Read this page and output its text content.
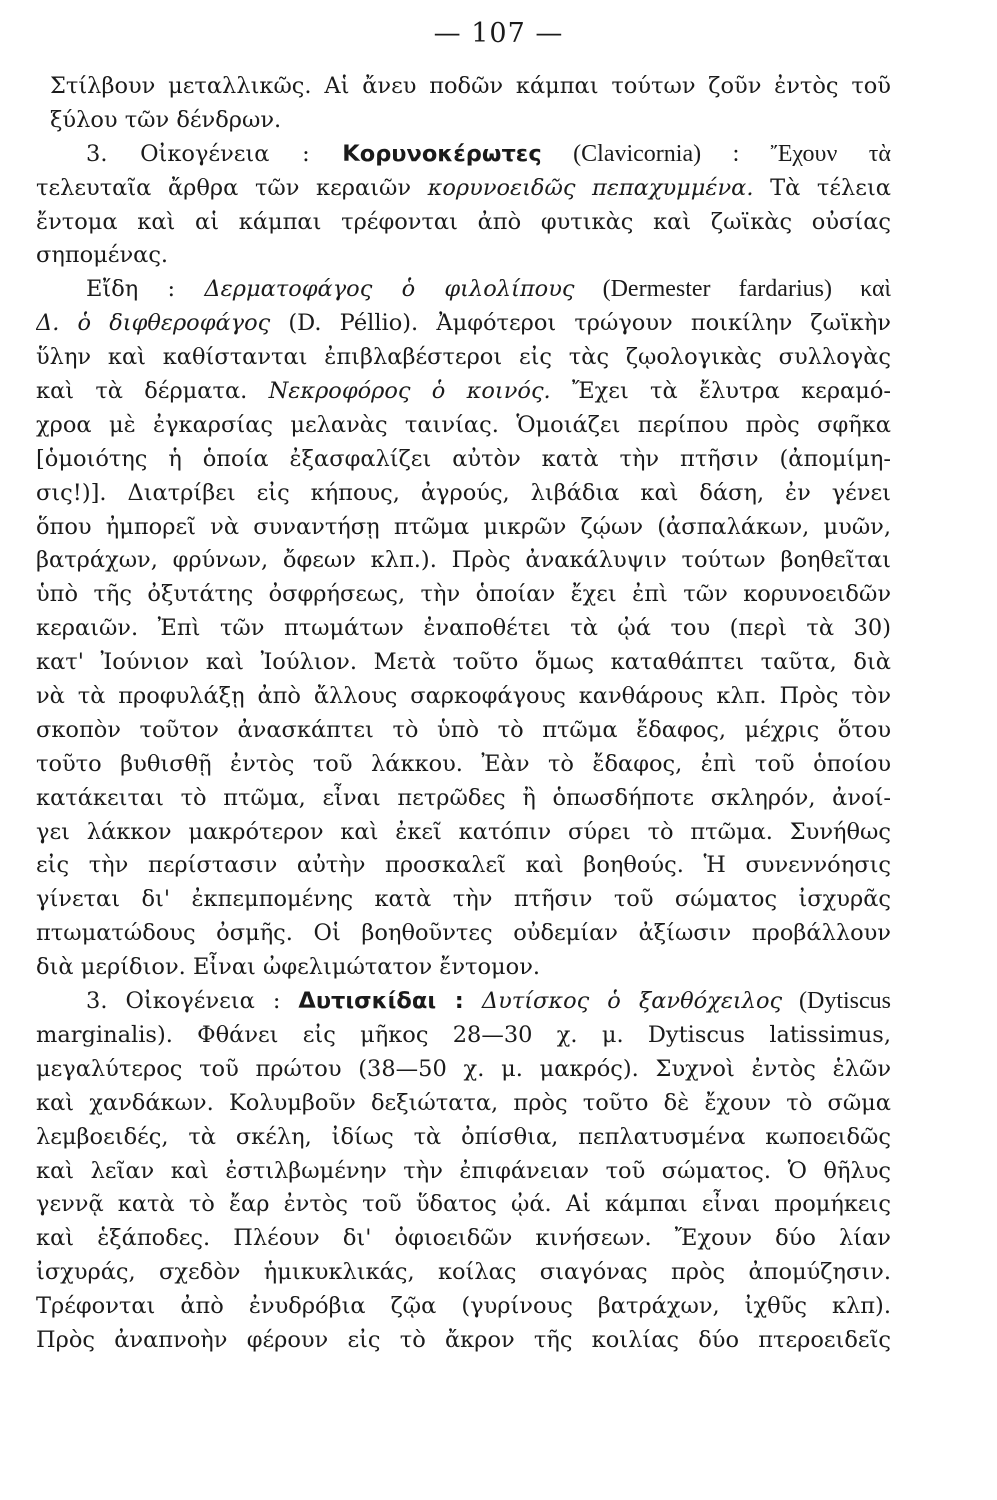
— 107 —
Στίλβουν μεταλλικῶς. Αἱ ἄνευ ποδῶν κάμπαι τούτων ζοῦν ἐντὸς τοῦ
ξύλου τῶν δένδρων.
3. Οἰκογένεια : Κορυνοκέρωτες (Clavicornia) : Ἔχουν τὰ
τελευταῖα ἄρθρα τῶν κεραιῶν κορυνοειδῶς πεπαχυμμένα. Τὰ τέλεια
ἔντομα καὶ αἱ κάμπαι τρέφονται ἀπὸ φυτικὰς καὶ ζωϊκὰς οὐσίας
σηπομένας.
Εἴδη : Δερματοφάγος ὁ φιλολίπους (Dermester fardarius) καὶ
Δ. ὁ διφθεροφάγος (D. Péllio). Ἀμφότεροι τρώγουν ποικίλην ζωϊκὴν
ὕλην καὶ καθίστανται ἐπιβλαβέστεροι εἰς τὰς ζῳολογικὰς συλλογὰς
καὶ τὰ δέρματα. Νεκροφόρος ὁ κοινός. Ἔχει τὰ ἔλυτρα κεραμό-
χροα μὲ ἐγκαρσίας μελανὰς ταινίας. Ὁμοιάζει περίπου πρὸς σφῆκα
[ὁμοιότης ἡ ὁποία ἐξασφαλίζει αὐτὸν κατὰ τὴν πτῆσιν (ἀπομίμη-
σις!)]. Διατρίβει εἰς κήπους, ἀγρούς, λιβάδια καὶ δάση, ἐν γένει
ὅπου ἠμπορεῖ νὰ συναντήσῃ πτῶμα μικρῶν ζῴων (ἀσπαλάκων, μυῶν,
βατράχων, φρύνων, ὄφεων κλπ.). Πρὸς ἀνακάλυψιν τούτων βοηθεῖται
ὑπὸ τῆς ὀξυτάτης ὀσφρήσεως, τὴν ὁποίαν ἔχει ἐπὶ τῶν κορυνοειδῶν
κεραιῶν. Ἐπὶ τῶν πτωμάτων ἐναποθέτει τὰ ᾠά του (περὶ τὰ 30)
κατ' Ἰούνιον καὶ Ἰούλιον. Μετὰ τοῦτο ὅμως καταθάπτει ταῦτα, διὰ
νὰ τὰ προφυλάξῃ ἀπὸ ἄλλους σαρκοφάγους κανθάρους κλπ. Πρὸς τὸν
σκοπὸν τοῦτον ἀνασκάπτει τὸ ὑπὸ τὸ πτῶμα ἔδαφος, μέχρις ὅτου
τοῦτο βυθισθῇ ἐντὸς τοῦ λάκκου. Ἐὰν τὸ ἔδαφος, ἐπὶ τοῦ ὁποίου
κατάκειται τὸ πτῶμα, εἶναι πετρῶδες ἢ ὁπωσδήποτε σκληρόν, ἀνοί-
γει λάκκον μακρότερον καὶ ἐκεῖ κατόπιν σύρει τὸ πτῶμα. Συνήθως
εἰς τὴν περίστασιν αὐτὴν προσκαλεῖ καὶ βοηθούς. Ἡ συνεννόησις
γίνεται δι' ἐκπεμπομένης κατὰ τὴν πτῆσιν τοῦ σώματος ἰσχυρᾶς
πτωματώδους ὀσμῆς. Οἱ βοηθοῦντες οὐδεμίαν ἀξίωσιν προβάλλουν
διὰ μερίδιον. Εἶναι ὠφελιμώτατον ἔντομον.
3. Οἰκογένεια : Δυτισκίδαι : Δυτίσκος ὁ ξανθόχειλος (Dytiscus
marginalis). Φθάνει εἰς μῆκος 28—30 χ. μ. Dytiscus latissimus,
μεγαλύτερος τοῦ πρώτου (38—50 χ. μ. μακρός). Συχνοὶ ἐντὸς ἑλῶν
καὶ χανδάκων. Κολυμβοῦν δεξιώτατα, πρὸς τοῦτο δὲ ἔχουν τὸ σῶμα
λεμβοειδές, τὰ σκέλη, ἰδίως τὰ ὀπίσθια, πεπλατυσμένα κωποειδῶς
καὶ λεῖαν καὶ ἐστιλβωμένην τὴν ἐπιφάνειαν τοῦ σώματος. Ὁ θῆλυς
γεννᾷ κατὰ τὸ ἔαρ ἐντὸς τοῦ ὕδατος ᾠά. Αἱ κάμπαι εἶναι προμήκεις
καὶ ἑξάποδες. Πλέουν δι' ὀφιοειδῶν κινήσεων. Ἔχουν δύο λίαν
ἰσχυράς, σχεδὸν ἡμικυκλικάς, κοίλας σιαγόνας πρὸς ἀπομύζησιν.
Τρέφονται ἀπὸ ἐνυδρόβια ζῷα (γυρίνους βατράχων, ἰχθῦς κλπ).
Πρὸς ἀναπνοὴν φέρουν εἰς τὸ ἄκρον τῆς κοιλίας δύο πτεροειδεῖς
